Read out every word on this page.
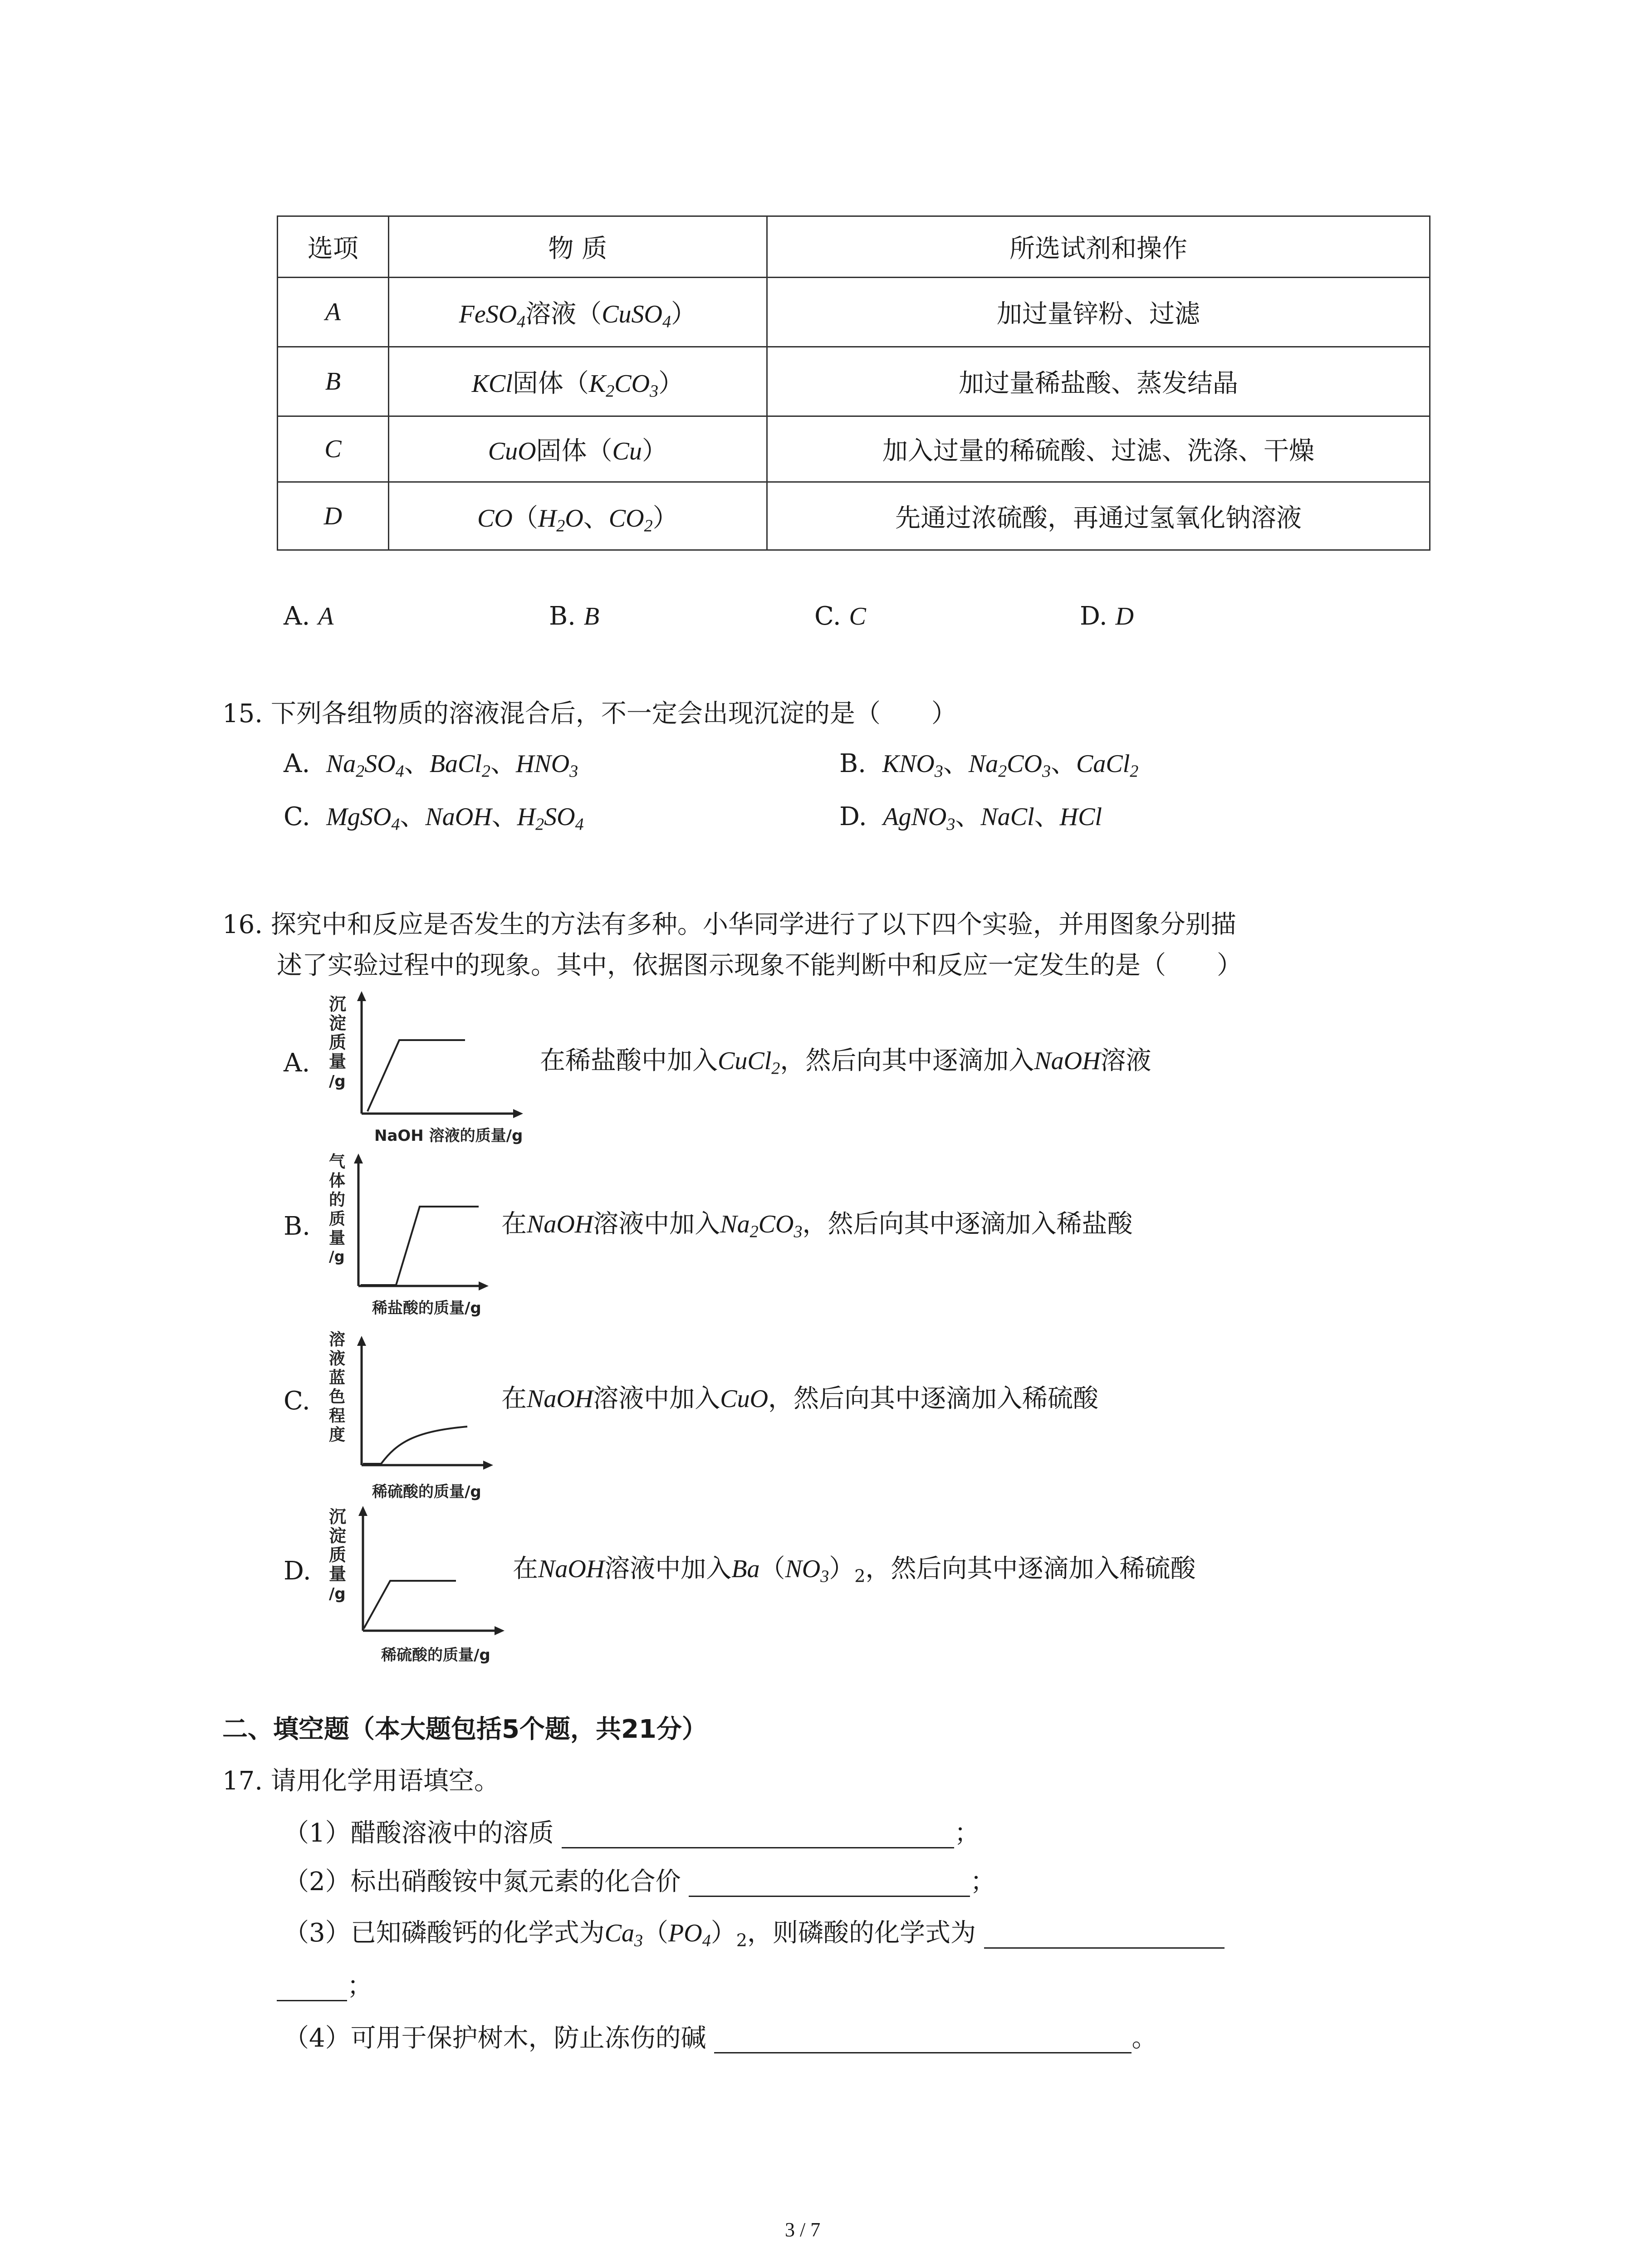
选项	物 质	所选试剂和操作
A	FeSO$_4$溶液（CuSO$_4$）	加过量锌粉、过滤
B	KCl固体$(K_2CO_3)$	加过量稀盐酸、蒸发结晶
C	CuO固体（Cu）	加入过量的稀硫酸、过滤、洗涤、干燥
D	$CO(H_2O$、$CO_2$）	先通过浓硫酸，再通过氢氧化钠溶液
A. A	B. B	C. C	D. D
15. 下列各组物质的溶液混合后，不一定会出现沉淀的是（　　）
A. $Na_2SO_4$、BaCl$_2$、$HNO_3$	B. $KNO_3$、$Na_2CO_3$、CaCl$_2$
C. MgSO$_4$、NaOH、$H_2SO_4$	D. AgNO$_3$、NaCl、HCl
16. 探究中和反应是否发生的方法有多种。小华同学进行了以下四个实验，并用图象分别描
述了实验过程中的现象。其中，依据图示现象不能判断中和反应一定发生的是（　　）
A.
沉
淀
质
量
/g
NaOH 溶液的质量/g
在稀盐酸中加入CuCl$_2$，然后向其中逐滴加入NaOH溶液
B.
气
体
的
质
量
/g
稀盐酸的质量/g
在NaOH溶液中加入$Na_2CO_3$，然后向其中逐滴加入稀盐酸
C.
溶
液
蓝
色
程
度
稀硫酸的质量/g
在NaOH溶液中加入CuO，然后向其中逐滴加入稀硫酸
D.
沉
淀
质
量
/g
稀硫酸的质量/g
在NaOH溶液中加入$Ba(NO_3)_2$，然后向其中逐滴加入稀硫酸
二、填空题（本大题包括5个题，共21分）
17. 请用化学用语填空。
（1）醋酸溶液中的溶质	；
（2）标出硝酸铵中氮元素的化合价	；
（3）已知磷酸钙的化学式为$Ca_3(PO_4)_2$，则磷酸的化学式为
；
（4）可用于保护树木，防止冻伤的碱	。
3 / 7
